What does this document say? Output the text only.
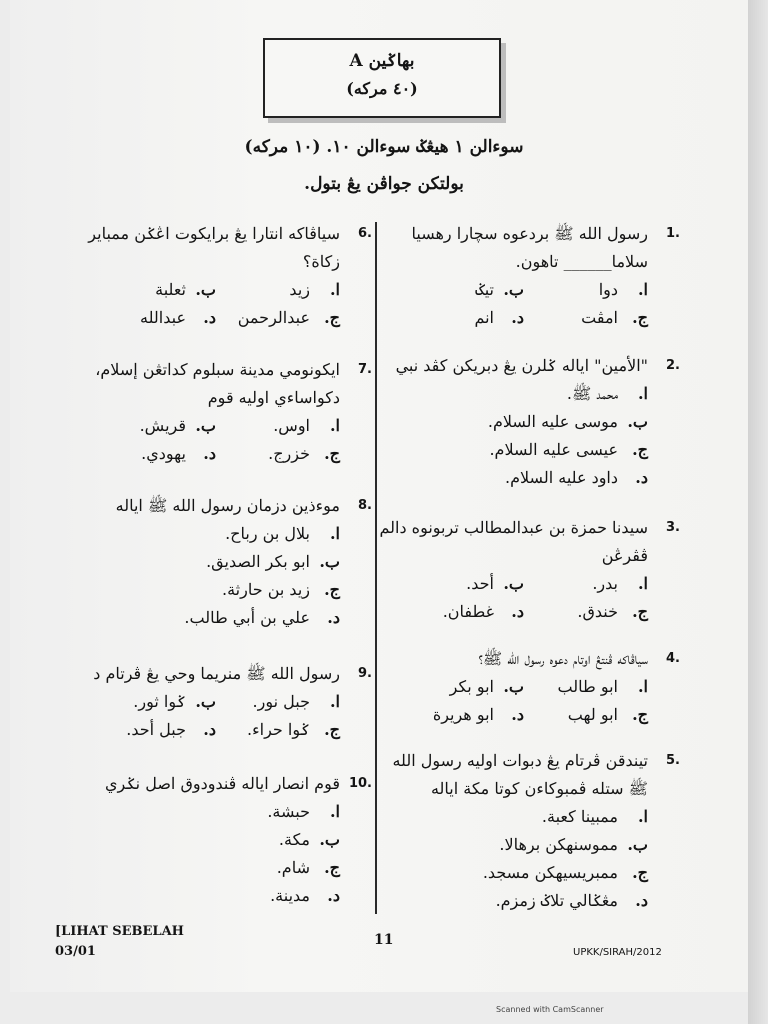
بهاݢين A
(٤٠ مركه)
سوءالن ١ هيڠݢ سوءالن ١٠. (١٠ مركه)
بولتكن جواڤن يڠ بتول.
1.
رسول الله ﷺ بردعوه سچارا رهسيا سلاما______ تاهون.
ا.دوا
ب.تيݢ
ج.امڤت
د.انم
2.
"الأمين" اياله ݢلرن يڠ دبريكن كڤد نبي
ا.محمد ﷺ.
ب.موسى عليه السلام.
ج.عيسى عليه السلام.
د.داود عليه السلام.
3.
سيدنا حمزة بن عبدالمطالب تربونوه دالم ڤڤرڠن
ا.بدر.
ب.أحد.
ج.خندق.
د.غطفان.
4.
سياڤاكه ڤنتڠ اوتام دعوه رسول الله ﷺ؟
ا.ابو طالب
ب.ابو بكر
ج.ابو لهب
د.ابو هريرة
5.
تيندقن ڤرتام يڠ دبوات اوليه رسول الله ﷺ ستله ڤمبوكاءن كوتا مكة اياله
ا.ممبينا كعبة.
ب.مموسنهكن برهالا.
ج.ممبريسيهكن مسجد.
د.مڠݢالي تلاݢ زمزم.
6.
سياڤاكه انتارا يڠ برايكوت اڠݢن ممباير زكاة؟
ا.زيد
ب.ثعلبة
ج.عبدالرحمن
د.عبدالله
7.
ايكونومي مدينة سبلوم كداتڠن إسلام، دكواساءي اوليه قوم
ا.اوس.
ب.قريش.
ج.خزرج.
د.يهودي.
8.
موءذين دزمان رسول الله ﷺ اياله
ا.بلال بن رباح.
ب.ابو بكر الصديق.
ج.زيد بن حارثة.
د.علي بن أبي طالب.
9.
رسول الله ﷺ منريما وحي يڠ ڤرتام د
ا.جبل نور.
ب.ݢوا ثور.
ج.ݢوا حراء.
د.جبل أحد.
10.
قوم انصار اياله ڤندودوق اصل نݢري
ا.حبشة.
ب.مكة.
ج.شام.
د.مدينة.
[LIHAT SEBELAH
03/01
11
UPKK/SIRAH/2012
Scanned with CamScanner
